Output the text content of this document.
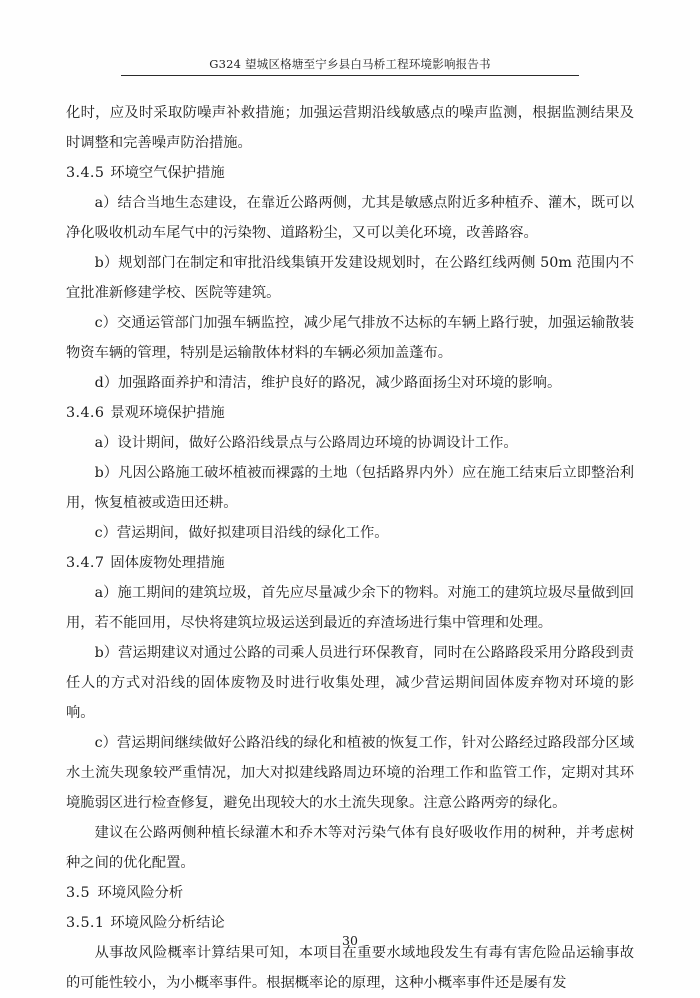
G324 望城区格塘至宁乡县白马桥工程环境影响报告书

化时，应及时采取防噪声补救措施；加强运营期沿线敏感点的噪声监测，根据监测结果及时调整和完善噪声防治措施。

3.4.5 环境空气保护措施

a）结合当地生态建设，在靠近公路两侧，尤其是敏感点附近多种植乔、灌木，既可以净化吸收机动车尾气中的污染物、道路粉尘，又可以美化环境，改善路容。

b）规划部门在制定和审批沿线集镇开发建设规划时，在公路红线两侧 50m 范围内不宜批准新修建学校、医院等建筑。

c）交通运管部门加强车辆监控，减少尾气排放不达标的车辆上路行驶，加强运输散装物资车辆的管理，特别是运输散体材料的车辆必须加盖蓬布。

d）加强路面养护和清洁，维护良好的路况，减少路面扬尘对环境的影响。

3.4.6 景观环境保护措施

a）设计期间，做好公路沿线景点与公路周边环境的协调设计工作。

b）凡因公路施工破坏植被而裸露的土地（包括路界内外）应在施工结束后立即整治利用，恢复植被或造田还耕。

c）营运期间，做好拟建项目沿线的绿化工作。

3.4.7 固体废物处理措施

a）施工期间的建筑垃圾，首先应尽量减少余下的物料。对施工的建筑垃圾尽量做到回用，若不能回用，尽快将建筑垃圾运送到最近的弃渣场进行集中管理和处理。

b）营运期建议对通过公路的司乘人员进行环保教育，同时在公路路段采用分路段到责任人的方式对沿线的固体废物及时进行收集处理，减少营运期间固体废弃物对环境的影响。

c）营运期间继续做好公路沿线的绿化和植被的恢复工作，针对公路经过路段部分区域水土流失现象较严重情况，加大对拟建线路周边环境的治理工作和监管工作，定期对其环境脆弱区进行检查修复，避免出现较大的水土流失现象。注意公路两旁的绿化。

建议在公路两侧种植长绿灌木和乔木等对污染气体有良好吸收作用的树种，并考虑树种之间的优化配置。

3.5 环境风险分析

3.5.1 环境风险分析结论

从事故风险概率计算结果可知，本项目在重要水域地段发生有毒有害危险品运输事故的可能性较小，为小概率事件。根据概率论的原理，这种小概率事件还是屡有发

30
